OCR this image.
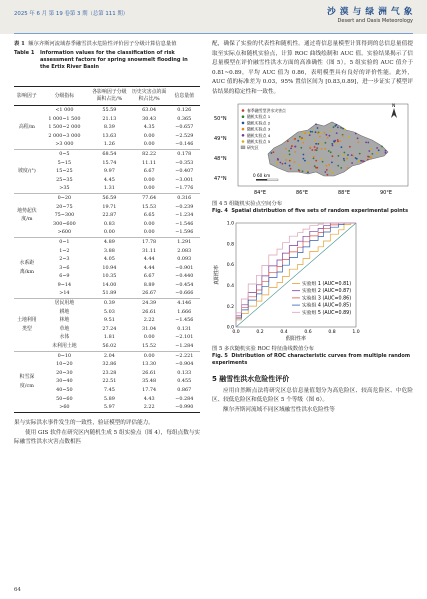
2025 年 6 月 第 19 卷第 3 期（总第 111 期）	沙 漠 与 绿 洲 气 象
Desert and Oasis Meteorology
表 1 额尔齐斯河流域春季融雪洪水危险性评价因子分级计算信息量值
Table 1 Information values for the classification of risk assessment factors for spring snowmelt flooding in the Ertix River Basin
影响因子	分级指标	各影响因子分级面积占比/%	历史灾害点的面积占比/%	信息量值
高程/m	<1 000	55.59	63.04	0.126
	1 000~1 500	21.13	30.43	0.365
	1 500~2 000	8.39	4.35	−0.657
	2 000~3 000	13.63	0.00	−2.529
	>3 000	1.26	0.00	−0.146
坡度/(°)	0~5	68.54	82.22	0.178
	5~15	15.74	11.11	−0.353
	15~25	9.97	6.67	−0.407
	25~35	4.45	0.00	−3.001
	>35	1.31	0.00	−1.776
地势起伏度/m	0~20	56.59	77.64	0.316
	20~75	19.71	15.53	−0.239
	75~300	22.87	6.65	−1.234
	300~600	0.83	0.00	−1.546
	>600	0.00	0.00	−1.596
水系距离/km	0~1	4.89	17.78	1.291
	1~2	3.88	31.11	2.083
	2~3	4.05	4.44	0.093
	3~6	10.94	4.44	−0.901
	6~9	10.35	6.67	−0.440
	9~14	14.00	8.89	−0.454
	>14	51.89	26.67	−0.666
土地利用类型	居民用地	0.39	24.39	4.146
	耕地	5.03	26.61	1.666
	林地	9.51	2.22	−1.456
	草地	27.24	31.04	0.131
	水体	1.81	0.00	−2.101
	未利用土地	56.02	15.52	−1.284
积雪深度/cm	0~10	2.04	0.00	−2.221
	10~20	32.86	13.30	−0.904
	20~30	23.28	26.61	0.133
	30~40	22.51	35.48	0.455
	40~50	7.45	17.74	0.867
	50~60	5.89	4.43	−0.284
	>60	5.97	2.22	−0.990

果与实际洪水事件发生的一致性，验证模型的评估能力。

使用 GIS 软件在研究区内随机生成 5 组实验点（图 4），每组点数与实际融雪性洪水灾害点数相匹

配，确保了实验的代表性和随机性。通过将信息量模型计算得到的总信息量值提取至实际点和随机实验点，计算 ROC 曲线绘制和 AUC 值。实验结果揭示了信息量模型在评价融雪性洪水方面的高准确性（图 5）。5 组实验的 AUC 值介于 0.81~0.89，平均 AUC 值为 0.86，表明模型具有良好的评价性能。此外，AUC 值的标准差为 0.03，95% 置信区间为 [0.83,0.89]，进一步证实了模型评估结果的稳定性和一致性。

春季融雪型洪水灾害点
随机实验点 1
随机实验点 2
随机实验点 3
随机实验点 4
随机实验点 5
研究区
50°N
49°N
48°N
47°N
0 60 km
N
84°E	86°E	88°E	90°E
图 4 5 组随机实验点空间分布
Fig. 4 Spatial distribution of five sets of random experimental points
0.0
0.2
0.4
0.6
0.8
1.0
0.0	0.2	0.4	0.6	0.8	1.0
真阳性率
假阳性率
实验组 1 (AUC=0.81)
实验组 2 (AUC=0.87)
实验组 3 (AUC=0.86)
实验组 4 (AUC=0.85)
实验组 5 (AUC=0.89)
图 5 多次随机实验 ROC 特征曲线数值分布
Fig. 5 Distribution of ROC characteristic curves from multiple random experiments
5 融雪性洪水危险性评价

应用自然断点法将研究区总信息量值划分为高危险区、较高危险区、中危险区、较低危险区和低危险区 5 个等级（图 6）。

额尔齐斯河流域不同区域融雪性洪水危险性等

64
